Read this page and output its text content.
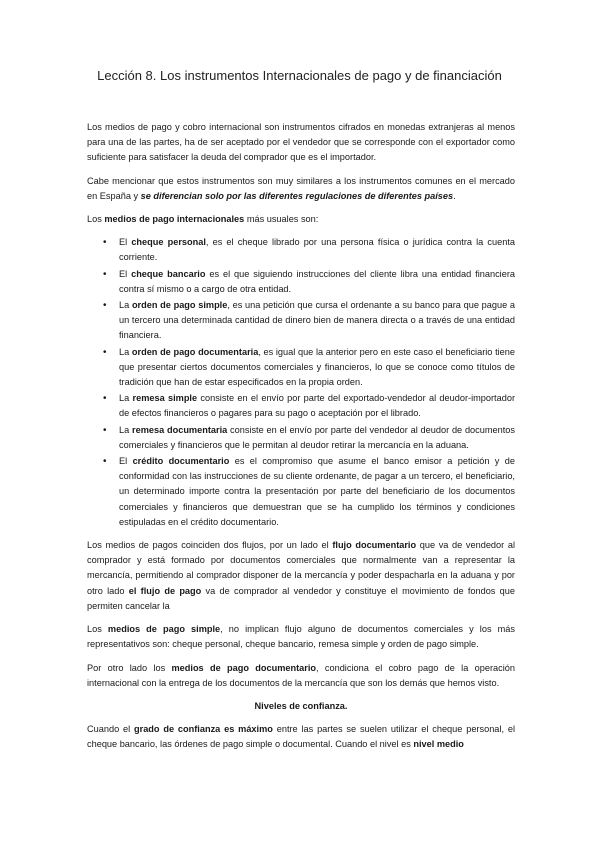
Lección 8. Los instrumentos Internacionales de pago y de financiación

Los medios de pago y cobro internacional son instrumentos cifrados en monedas extranjeras al menos para una de las partes, ha de ser aceptado por el vendedor que se corresponde con el exportador como suficiente para satisfacer la deuda del comprador que es el importador.

Cabe mencionar que estos instrumentos son muy similares a los instrumentos comunes en el mercado en España y se diferencian solo por las diferentes regulaciones de diferentes países.

Los medios de pago internacionales más usuales son:

• El cheque personal, es el cheque librado por una persona física o jurídica contra la cuenta corriente.
• El cheque bancario es el que siguiendo instrucciones del cliente libra una entidad financiera contra sí mismo o a cargo de otra entidad.
• La orden de pago simple, es una petición que cursa el ordenante a su banco para que pague a un tercero una determinada cantidad de dinero bien de manera directa o a través de una entidad financiera.
• La orden de pago documentaria, es igual que la anterior pero en este caso el beneficiario tiene que presentar ciertos documentos comerciales y financieros, lo que se conoce como títulos de tradición que han de estar especificados en la propia orden.
• La remesa simple consiste en el envío por parte del exportado-vendedor al deudor-importador de efectos financieros o pagares para su pago o aceptación por el librado.
• La remesa documentaria consiste en el envío por parte del vendedor al deudor de documentos comerciales y financieros que le permitan al deudor retirar la mercancía en la aduana.
• El crédito documentario es el compromiso que asume el banco emisor a petición y de conformidad con las instrucciones de su cliente ordenante, de pagar a un tercero, el beneficiario, un determinado importe contra la presentación por parte del beneficiario de los documentos comerciales y financieros que demuestran que se ha cumplido los términos y condiciones estipuladas en el crédito documentario.

Los medios de pagos coinciden dos flujos, por un lado el flujo documentario que va de vendedor al comprador y está formado por documentos comerciales que normalmente van a representar la mercancía, permitiendo al comprador disponer de la mercancía y poder despacharla en la aduana y por otro lado el flujo de pago va de comprador al vendedor y constituye el movimiento de fondos que permiten cancelar la

Los medios de pago simple, no implican flujo alguno de documentos comerciales y los más representativos son: cheque personal, cheque bancario, remesa simple y orden de pago simple.

Por otro lado los medios de pago documentario, condiciona el cobro pago de la operación internacional con la entrega de los documentos de la mercancía que son los demás que hemos visto.

Niveles de confianza.

Cuando el grado de confianza es máximo entre las partes se suelen utilizar el cheque personal, el cheque bancario, las órdenes de pago simple o documental. Cuando el nivel es nivel medio
